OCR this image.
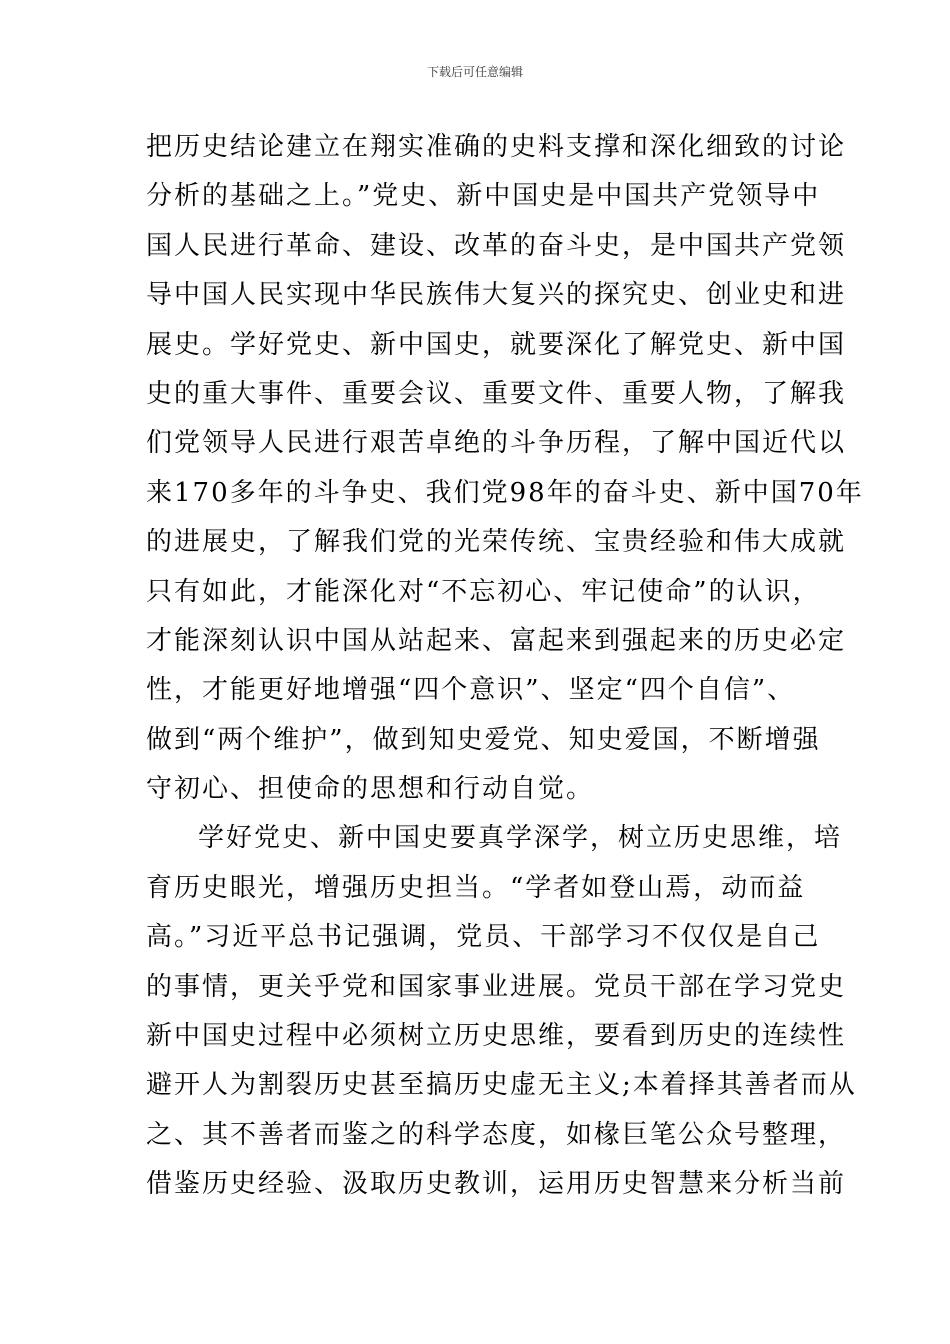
下载后可任意编辑
把历史结论建立在翔实准确的史料支撑和深化细致的讨论
分析的基础之上。”党史、新中国史是中国共产党领导中
国人民进行革命、建设、改革的奋斗史，是中国共产党领
导中国人民实现中华民族伟大复兴的探究史、创业史和进
展史。学好党史、新中国史，就要深化了解党史、新中国
史的重大事件、重要会议、重要文件、重要人物，了解我
们党领导人民进行艰苦卓绝的斗争历程，了解中国近代以
来170多年的斗争史、我们党98年的奋斗史、新中国70年
的进展史，了解我们党的光荣传统、宝贵经验和伟大成就
只有如此，才能深化对“不忘初心、牢记使命”的认识，
才能深刻认识中国从站起来、富起来到强起来的历史必定
性，才能更好地增强“四个意识”、坚定“四个自信”、
做到“两个维护”，做到知史爱党、知史爱国，不断增强
守初心、担使命的思想和行动自觉。
学好党史、新中国史要真学深学，树立历史思维，培
育历史眼光，增强历史担当。“学者如登山焉，动而益
高。”习近平总书记强调，党员、干部学习不仅仅是自己
的事情，更关乎党和国家事业进展。党员干部在学习党史
新中国史过程中必须树立历史思维，要看到历史的连续性
避开人为割裂历史甚至搞历史虚无主义;本着择其善者而从
之、其不善者而鉴之的科学态度，如椽巨笔公众号整理，
借鉴历史经验、汲取历史教训，运用历史智慧来分析当前
